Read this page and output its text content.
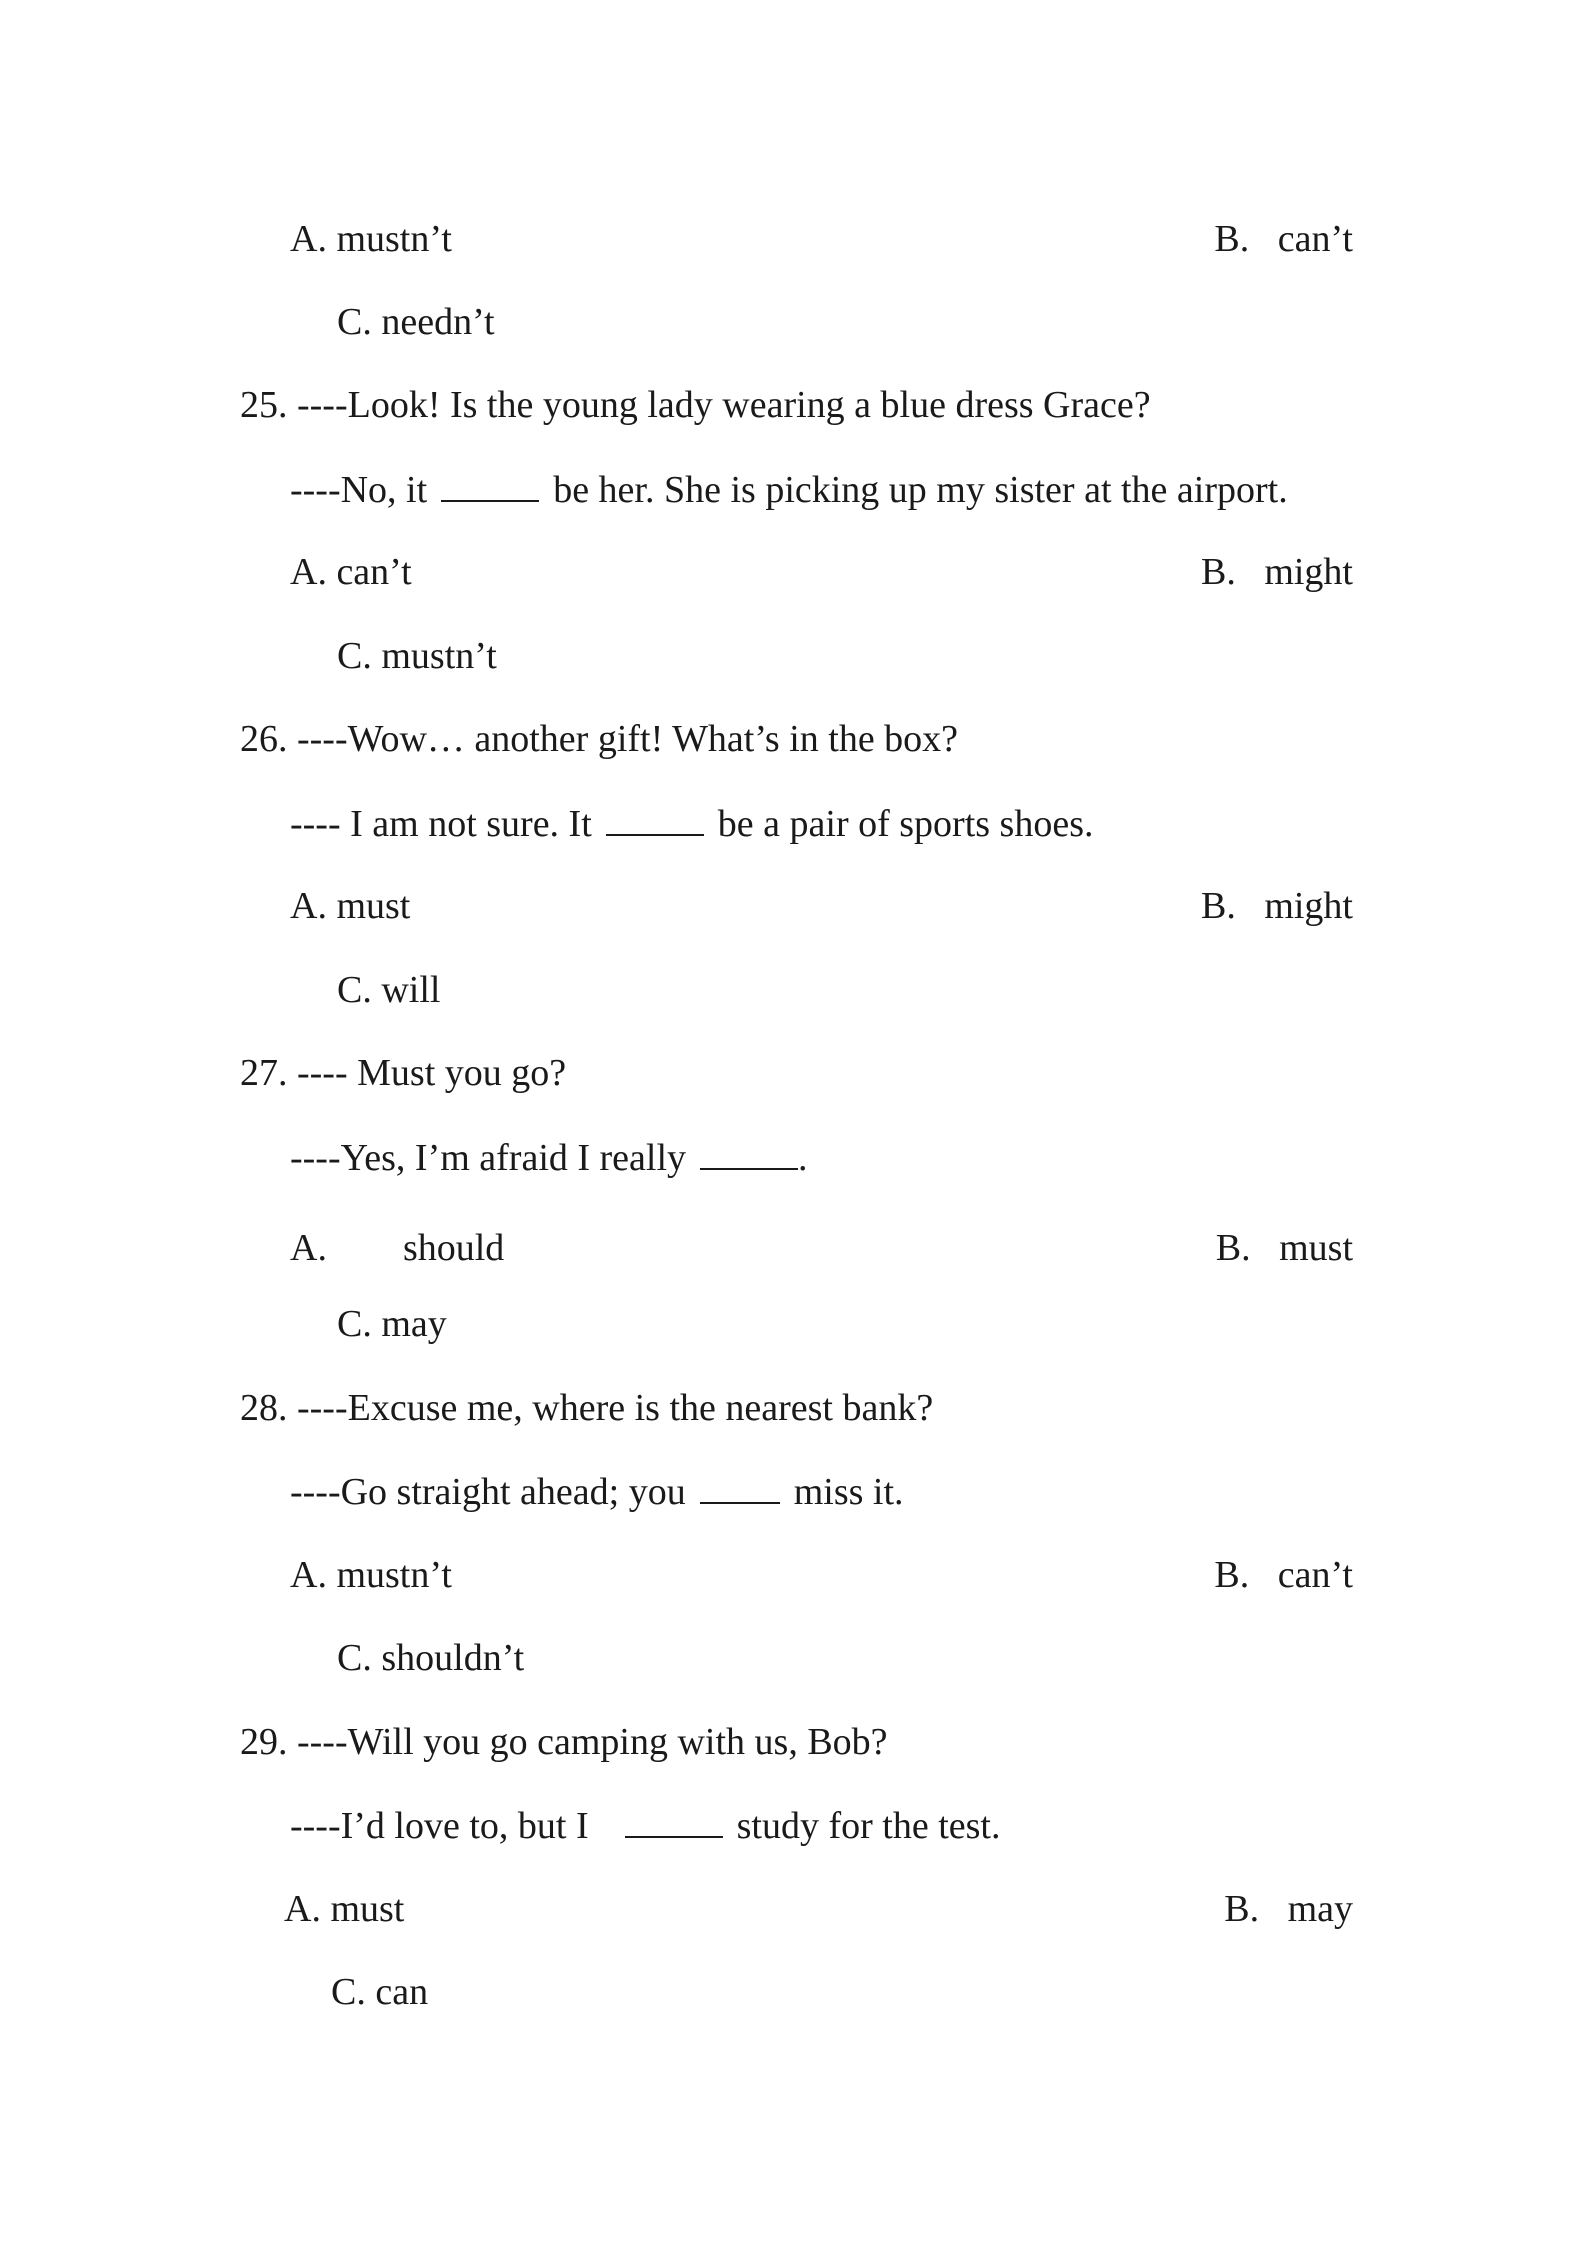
A. mustn’t	B.   can’t
C. needn’t
25. ----Look! Is the young lady wearing a blue dress Grace?
----No, it	be her. She is picking up my sister at the airport.
A. can’t	B.   might
C. mustn’t
26. ----Wow… another gift! What’s in the box?
---- I am not sure. It	be a pair of sports shoes.
A. must	B.   might
C. will
27. ---- Must you go?
----Yes, I’m afraid I really	.
A.        should	B.   must
C. may
28. ----Excuse me, where is the nearest bank?
----Go straight ahead; you	miss it.
A. mustn’t	B.   can’t
C. shouldn’t
29. ----Will you go camping with us, Bob?
----I’d love to, but I	study for the test.
A. must	B.   may
C. can
